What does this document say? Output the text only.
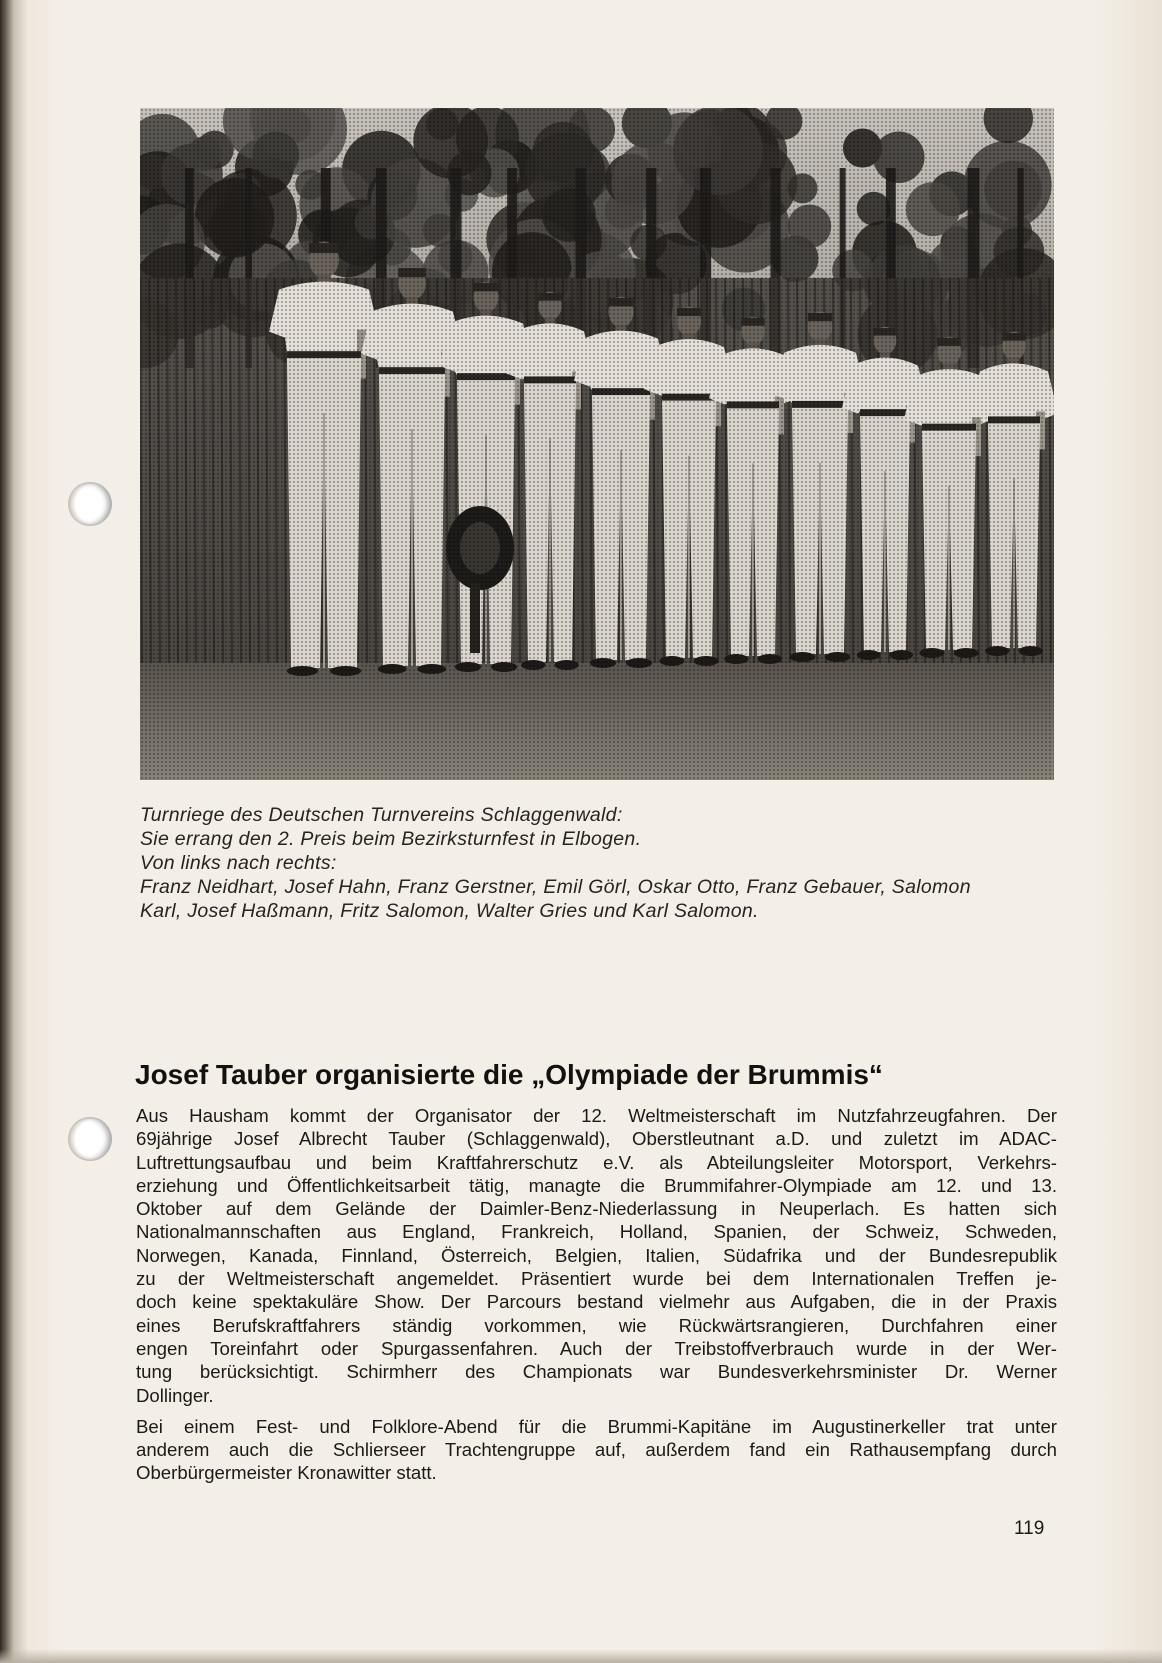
Turnriege des Deutschen Turnvereins Schlaggenwald:
Sie errang den 2. Preis beim Bezirksturnfest in Elbogen.
Von links nach rechts:
Franz Neidhart, Josef Hahn, Franz Gerstner, Emil Görl, Oskar Otto, Franz Gebauer, Salomon
Karl, Josef Haßmann, Fritz Salomon, Walter Gries und Karl Salomon.
Josef Tauber organisierte die „Olympiade der Brummis“
Aus Hausham kommt der Organisator der 12. Weltmeisterschaft im Nutzfahrzeugfahren. Der
69jährige Josef Albrecht Tauber (Schlaggenwald), Oberstleutnant a.D. und zuletzt im ADAC-
Luftrettungsaufbau und beim Kraftfahrerschutz e.V. als Abteilungsleiter Motorsport, Verkehrs-
erziehung und Öffentlichkeitsarbeit tätig, managte die Brummifahrer-Olympiade am 12. und 13.
Oktober auf dem Gelände der Daimler-Benz-Niederlassung in Neuperlach. Es hatten sich
Nationalmannschaften aus England, Frankreich, Holland, Spanien, der Schweiz, Schweden,
Norwegen, Kanada, Finnland, Österreich, Belgien, Italien, Südafrika und der Bundesrepublik
zu der Weltmeisterschaft angemeldet. Präsentiert wurde bei dem Internationalen Treffen je-
doch keine spektakuläre Show. Der Parcours bestand vielmehr aus Aufgaben, die in der Praxis
eines Berufskraftfahrers ständig vorkommen, wie Rückwärtsrangieren, Durchfahren einer
engen Toreinfahrt oder Spurgassenfahren. Auch der Treibstoffverbrauch wurde in der Wer-
tung berücksichtigt. Schirmherr des Championats war Bundesverkehrsminister Dr. Werner
Dollinger.
Bei einem Fest- und Folklore-Abend für die Brummi-Kapitäne im Augustinerkeller trat unter
anderem auch die Schlierseer Trachtengruppe auf, außerdem fand ein Rathausempfang durch
Oberbürgermeister Kronawitter statt.
119
